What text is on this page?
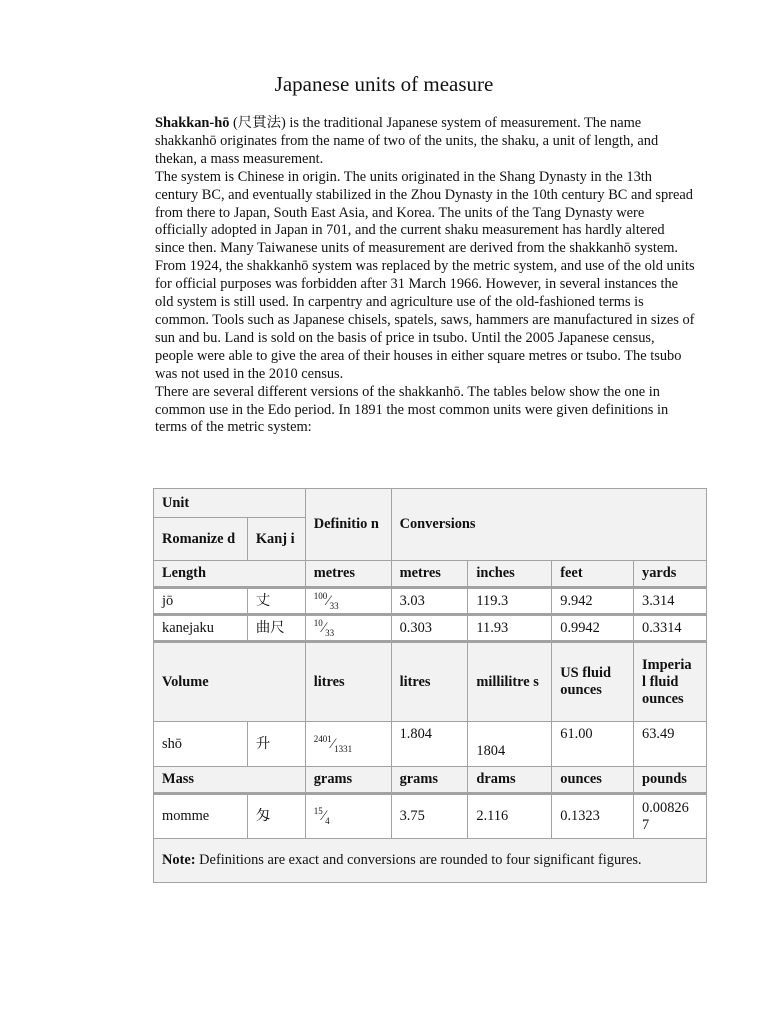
Japanese units of measure

Shakkan-hō (尺貫法) is the traditional Japanese system of measurement. The name shakkanhō originates from the name of two of the units, the shaku, a unit of length, and thekan, a mass measurement.

The system is Chinese in origin. The units originated in the Shang Dynasty in the 13th century BC, and eventually stabilized in the Zhou Dynasty in the 10th century BC and spread from there to Japan, South East Asia, and Korea. The units of the Tang Dynasty were officially adopted in Japan in 701, and the current shaku measurement has hardly altered since then. Many Taiwanese units of measurement are derived from the shakkanhō system.

From 1924, the shakkanhō system was replaced by the metric system, and use of the old units for official purposes was forbidden after 31 March 1966. However, in several instances the old system is still used. In carpentry and agriculture use of the old-fashioned terms is common. Tools such as Japanese chisels, spatels, saws, hammers are manufactured in sizes of sun and bu. Land is sold on the basis of price in tsubo. Until the 2005 Japanese census, people were able to give the area of their houses in either square metres or tsubo. The tsubo was not used in the 2010 census.

There are several different versions of the shakkanhō. The tables below show the one in common use in the Edo period. In 1891 the most common units were given definitions in terms of the metric system:

Unit		Definitio n	Conversions			
Romanize d	Kanj i					
Length		metres	metres	inches	feet	yards
jō	丈	$^{100}⁄_{33}$	3.03	119.3	9.942	3.314
kanejaku	曲尺	$^{10}⁄_{33}$	0.303	11.93	0.9942	0.3314
Volume		litres	litres	millilitre s	US fluid ounces	Imperia l fluid ounces
shō	升	$^{2401}⁄_{1331}$	1.804	1804	61.00	63.49
Mass		grams	grams	drams	ounces	pounds
momme	匁	$^{15}⁄_4$	3.75	2.116	0.1323	0.00826 7
Note: Definitions are exact and conversions are rounded to four significant figures.						
